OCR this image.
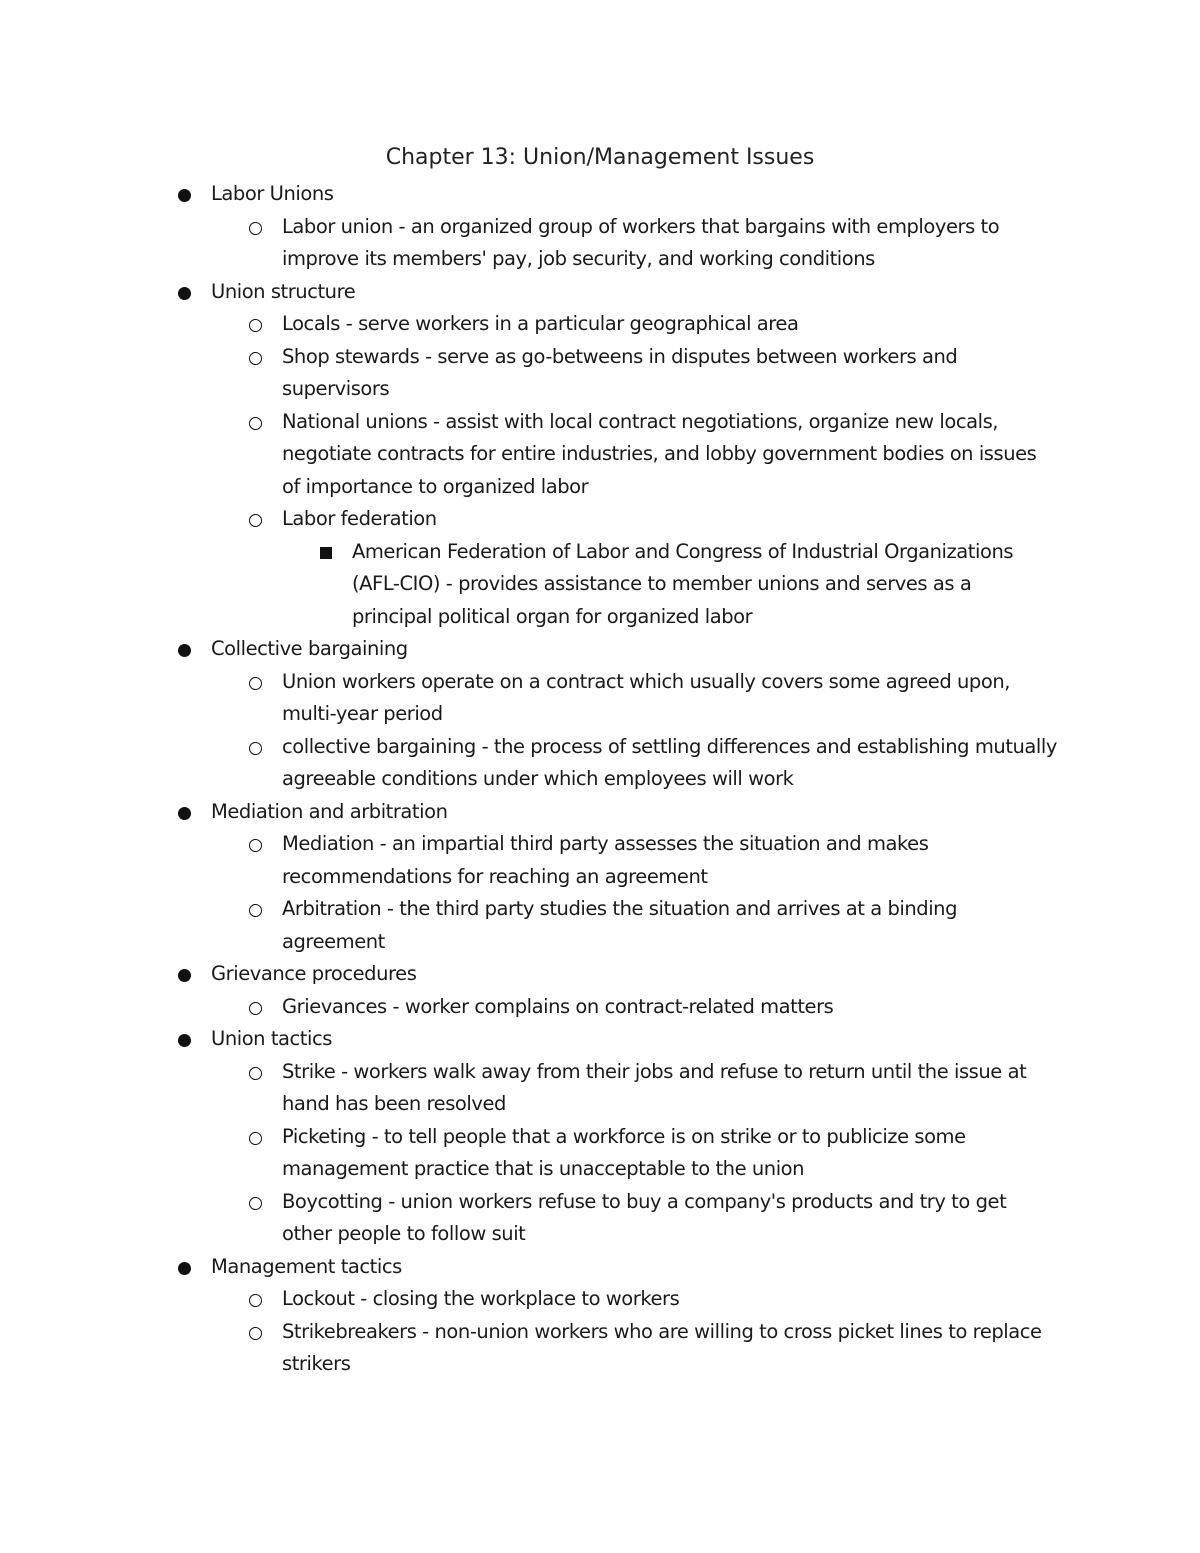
Chapter 13: Union/Management Issues
Labor Unions
Labor union - an organized group of workers that bargains with employers to improve its members' pay, job security, and working conditions
Union structure
Locals - serve workers in a particular geographical area
Shop stewards - serve as go-betweens in disputes between workers and supervisors
National unions - assist with local contract negotiations, organize new locals, negotiate contracts for entire industries, and lobby government bodies on issues of importance to organized labor
Labor federation
American Federation of Labor and Congress of Industrial Organizations (AFL-CIO) - provides assistance to member unions and serves as a principal political organ for organized labor
Collective bargaining
Union workers operate on a contract which usually covers some agreed upon, multi-year period
collective bargaining - the process of settling differences and establishing mutually agreeable conditions under which employees will work
Mediation and arbitration
Mediation - an impartial third party assesses the situation and makes recommendations for reaching an agreement
Arbitration - the third party studies the situation and arrives at a binding agreement
Grievance procedures
Grievances - worker complains on contract-related matters
Union tactics
Strike - workers walk away from their jobs and refuse to return until the issue at hand has been resolved
Picketing - to tell people that a workforce is on strike or to publicize some management practice that is unacceptable to the union
Boycotting - union workers refuse to buy a company's products and try to get other people to follow suit
Management tactics
Lockout - closing the workplace to workers
Strikebreakers - non-union workers who are willing to cross picket lines to replace strikers
